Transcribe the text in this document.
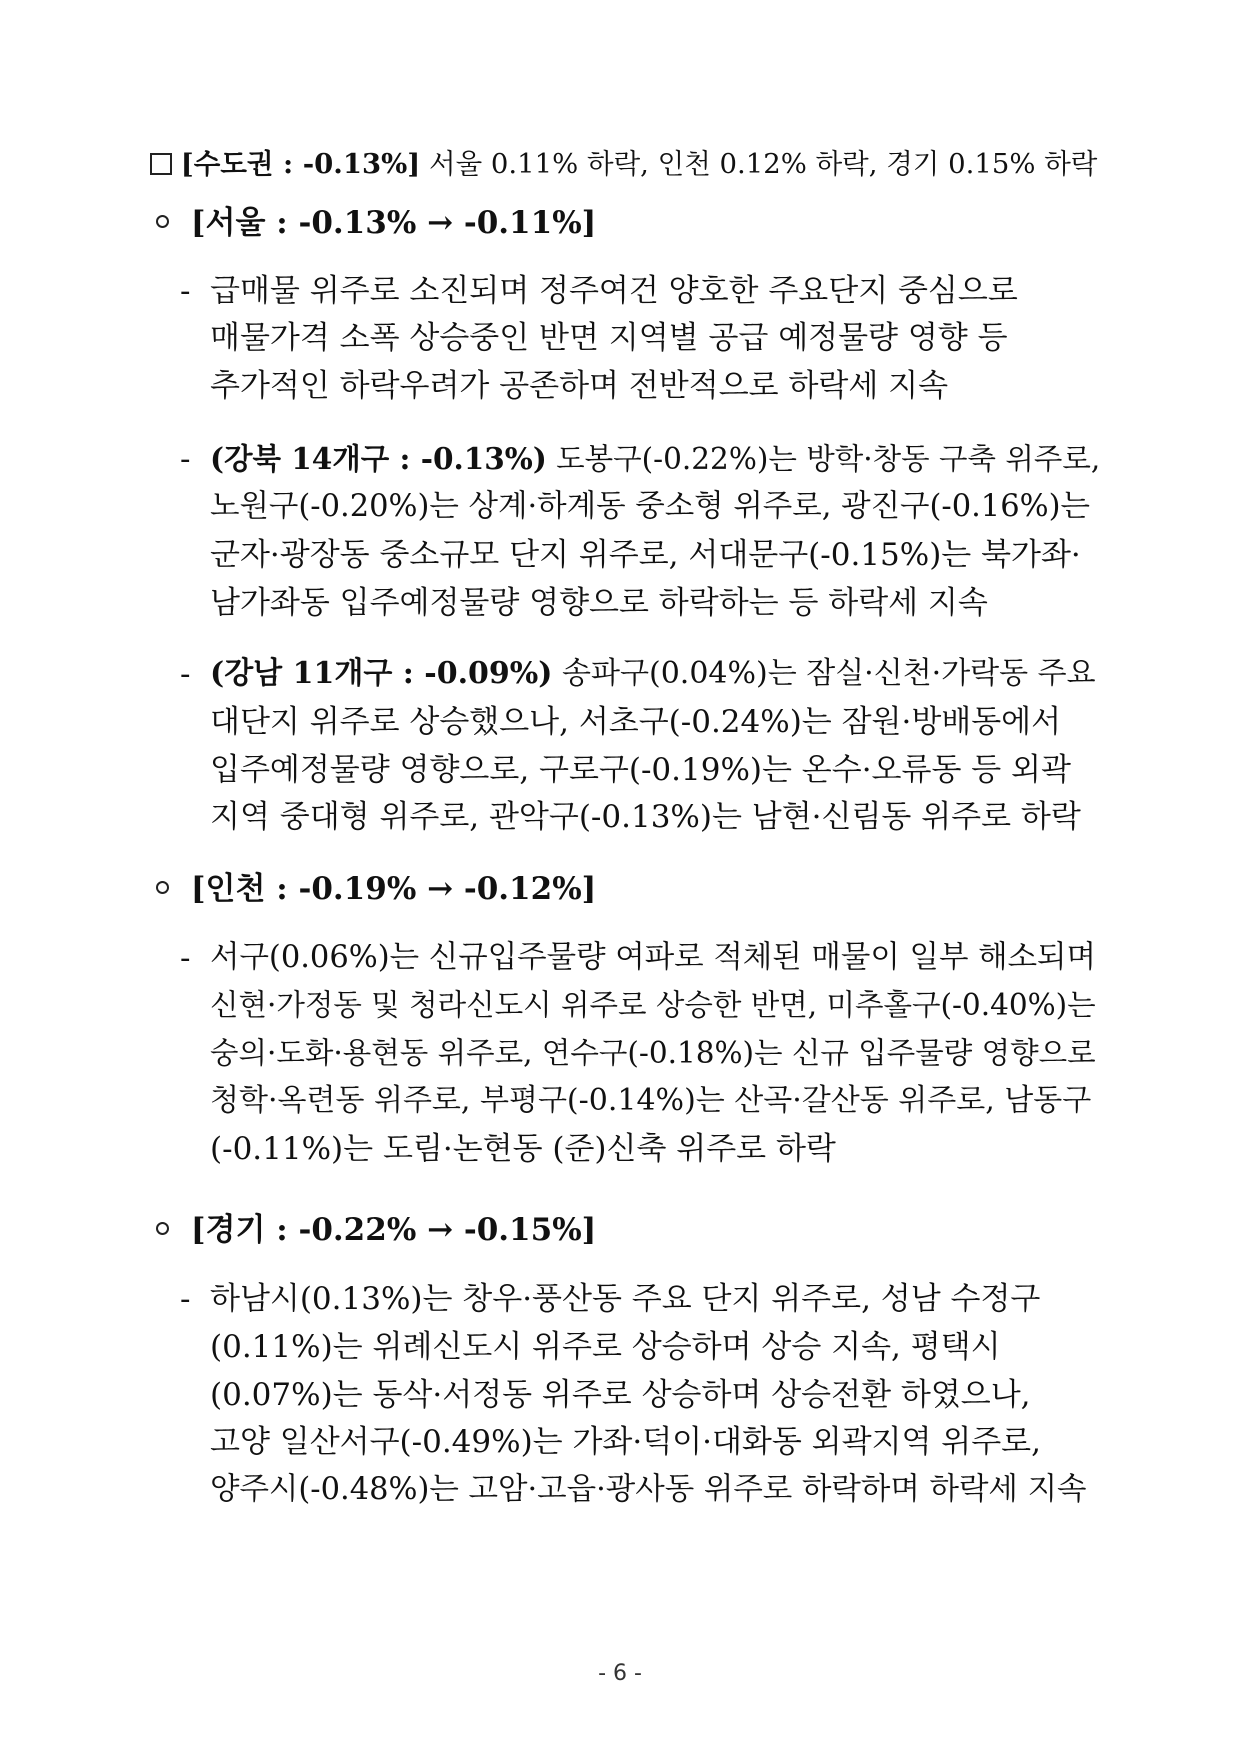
[수도권 : -0.13%] 서울 0.11% 하락, 인천 0.12% 하락, 경기 0.15% 하락
[서울 : -0.13% → -0.11%]
- 급매물 위주로 소진되며 정주여건 양호한 주요단지 중심으로
매물가격 소폭 상승중인 반면 지역별 공급 예정물량 영향 등
추가적인 하락우려가 공존하며 전반적으로 하락세 지속
- (강북 14개구 : -0.13%) 도봉구(-0.22%)는 방학·창동 구축 위주로,
노원구(-0.20%)는 상계·하계동 중소형 위주로, 광진구(-0.16%)는
군자·광장동 중소규모 단지 위주로, 서대문구(-0.15%)는 북가좌·
남가좌동 입주예정물량 영향으로 하락하는 등 하락세 지속
- (강남 11개구 : -0.09%) 송파구(0.04%)는 잠실·신천·가락동 주요
대단지 위주로 상승했으나, 서초구(-0.24%)는 잠원·방배동에서
입주예정물량 영향으로, 구로구(-0.19%)는 온수·오류동 등 외곽
지역 중대형 위주로, 관악구(-0.13%)는 남현·신림동 위주로 하락
[인천 : -0.19% → -0.12%]
- 서구(0.06%)는 신규입주물량 여파로 적체된 매물이 일부 해소되며
신현·가정동 및 청라신도시 위주로 상승한 반면, 미추홀구(-0.40%)는
숭의·도화·용현동 위주로, 연수구(-0.18%)는 신규 입주물량 영향으로
청학·옥련동 위주로, 부평구(-0.14%)는 산곡·갈산동 위주로, 남동구
(-0.11%)는 도림·논현동 (준)신축 위주로 하락
[경기 : -0.22% → -0.15%]
- 하남시(0.13%)는 창우·풍산동 주요 단지 위주로, 성남 수정구
(0.11%)는 위례신도시 위주로 상승하며 상승 지속, 평택시
(0.07%)는 동삭·서정동 위주로 상승하며 상승전환 하였으나,
고양 일산서구(-0.49%)는 가좌·덕이·대화동 외곽지역 위주로,
양주시(-0.48%)는 고암·고읍·광사동 위주로 하락하며 하락세 지속
- 6 -
